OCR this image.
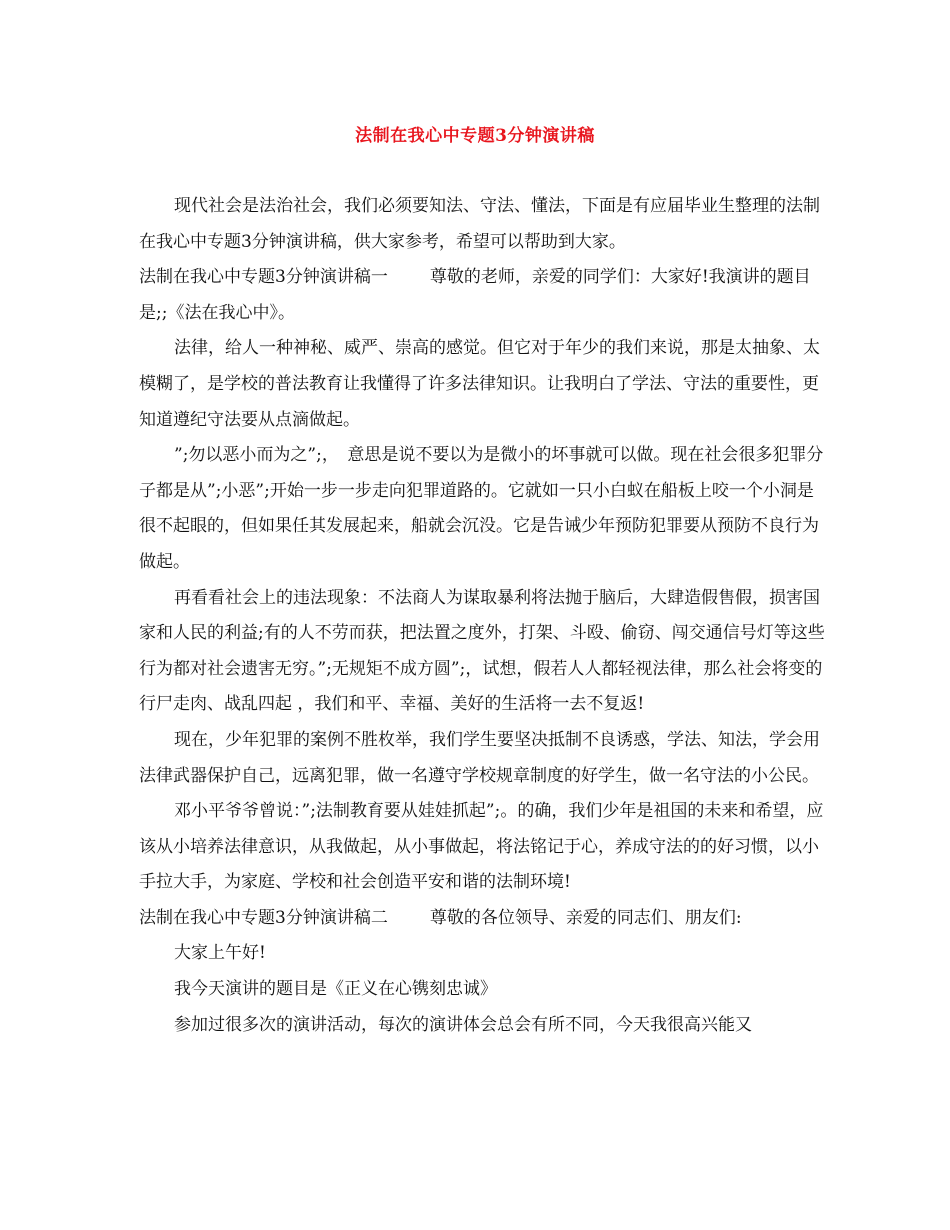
法制在我心中专题3分钟演讲稿

现代社会是法治社会，我们必须要知法、守法、懂法，下面是有应届毕业生整理的法制在我心中专题3分钟演讲稿，供大家参考，希望可以帮助到大家。

法制在我心中专题3分钟演讲稿一 尊敬的老师，亲爱的同学们：大家好!我演讲的题目是;;《法在我心中》。

法律，给人一种神秘、威严、崇高的感觉。但它对于年少的我们来说，那是太抽象、太模糊了，是学校的普法教育让我懂得了许多法律知识。让我明白了学法、守法的重要性，更知道遵纪守法要从点滴做起。

”;勿以恶小而为之”;，　意思是说不要以为是微小的坏事就可以做。现在社会很多犯罪分子都是从”;小恶”;开始一步一步走向犯罪道路的。它就如一只小白蚁在船板上咬一个小洞是很不起眼的，但如果任其发展起来，船就会沉没。它是告诫少年预防犯罪要从预防不良行为做起。

再看看社会上的违法现象：不法商人为谋取暴利将法抛于脑后，大肆造假售假，损害国家和人民的利益;有的人不劳而获，把法置之度外，打架、斗殴、偷窃、闯交通信号灯等这些行为都对社会遗害无穷。”;无规矩不成方圆”;，试想，假若人人都轻视法律，那么社会将变的行尸走肉、战乱四起 ，我们和平、幸福、美好的生活将一去不复返!

现在，少年犯罪的案例不胜枚举，我们学生要坚决抵制不良诱惑，学法、知法，学会用法律武器保护自己，远离犯罪，做一名遵守学校规章制度的好学生，做一名守法的小公民。

邓小平爷爷曾说：”;法制教育要从娃娃抓起”;。的确，我们少年是祖国的未来和希望，应该从小培养法律意识，从我做起，从小事做起，将法铭记于心，养成守法的的好习惯，以小手拉大手，为家庭、学校和社会创造平安和谐的法制环境!

法制在我心中专题3分钟演讲稿二 尊敬的各位领导、亲爱的同志们、朋友们:

大家上午好!

我今天演讲的题目是《正义在心镌刻忠诚》

参加过很多次的演讲活动，每次的演讲体会总会有所不同，今天我很高兴能又
